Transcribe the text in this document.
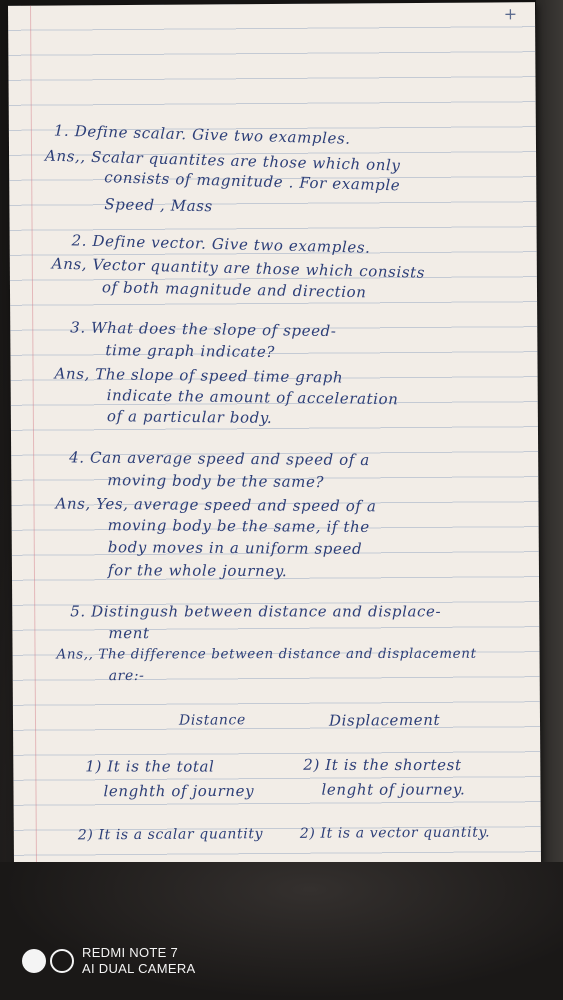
+
1. Define scalar. Give two examples.
Ans,, Scalar quantites are those which only
consists of magnitude . For example
Speed , Mass
2. Define vector. Give two examples.
Ans, Vector quantity are those which consists
of both magnitude and direction
3. What does the slope of speed-
time graph indicate?
Ans, The slope of speed time graph
indicate the amount of acceleration
of a particular body.
4. Can average speed and speed of a
moving body be the same?
Ans, Yes, average speed and speed of a
moving body be the same, if the
body moves in a uniform speed
for the whole journey.
5. Distingush between distance and displace-
ment
Ans,, The difference between distance and displacement
are:-
Distance	Displacement
1) It is the total	2) It is the shortest
lenghth of journey	lenght of journey.
2) It is a scalar quantity	2) It is a vector quantity.
REDMI NOTE 7
AI DUAL CAMERA
